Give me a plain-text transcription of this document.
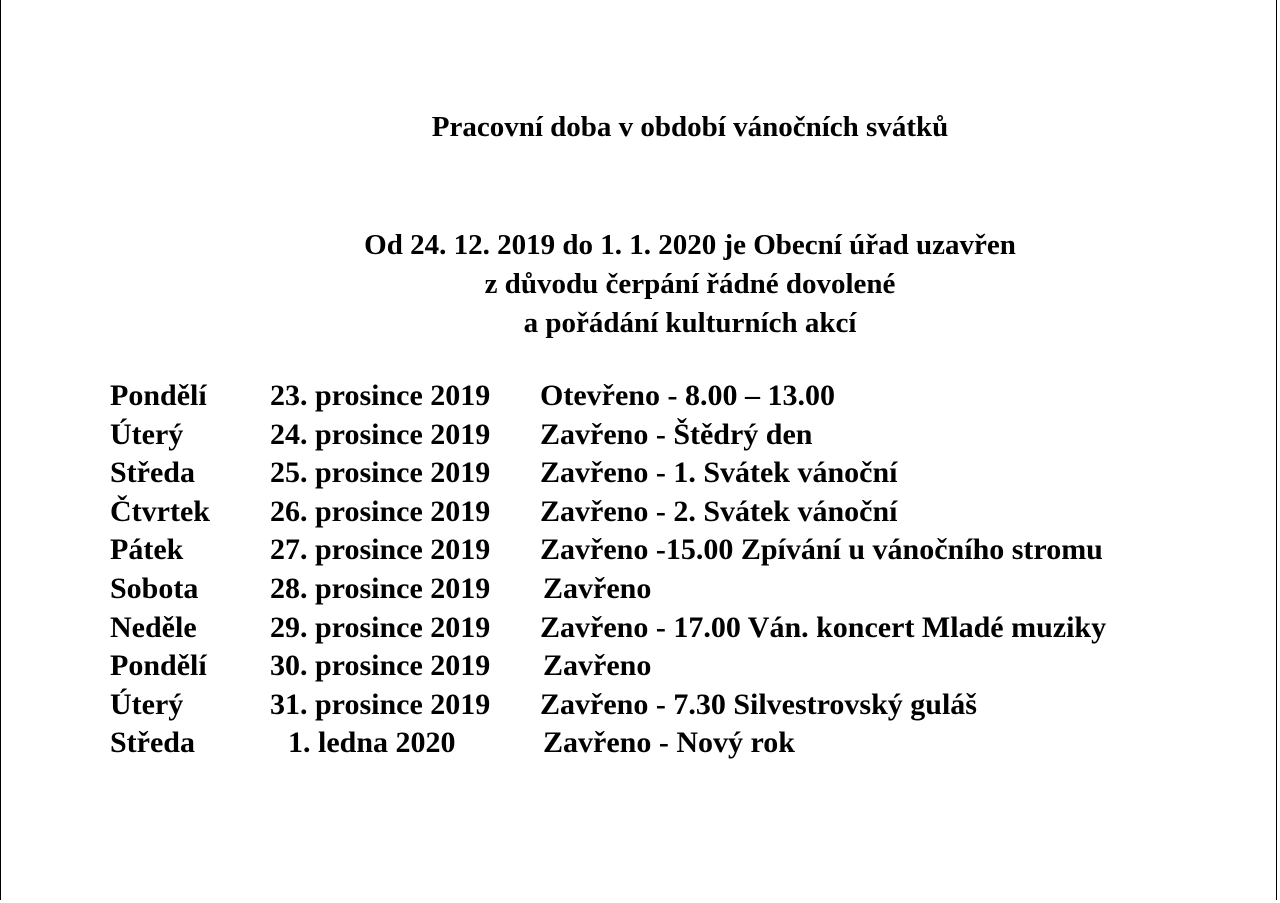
Pracovní doba v období vánočních svátků
Od 24. 12. 2019 do 1. 1. 2020 je Obecní úřad uzavřen
z důvodu čerpání řádné dovolené
a pořádání kulturních akcí
Pondělí 23. prosince 2019 Otevřeno - 8.00 – 13.00
Úterý	24. prosince 2019 Zavřeno - Štědrý den
Středa	25. prosince 2019 Zavřeno - 1. Svátek vánoční
Čtvrtek 26. prosince 2019 Zavřeno - 2. Svátek vánoční
Pátek	27. prosince 2019 Zavřeno -15.00 Zpívání u vánočního stromu
Sobota 28. prosince 2019 Zavřeno
Neděle 29. prosince 2019 Zavřeno - 17.00 Ván. koncert Mladé muziky
Pondělí 30. prosince 2019 Zavřeno
Úterý	31. prosince 2019 Zavřeno - 7.30 Silvestrovský guláš
Středa	1. ledna 2020	Zavřeno - Nový rok
